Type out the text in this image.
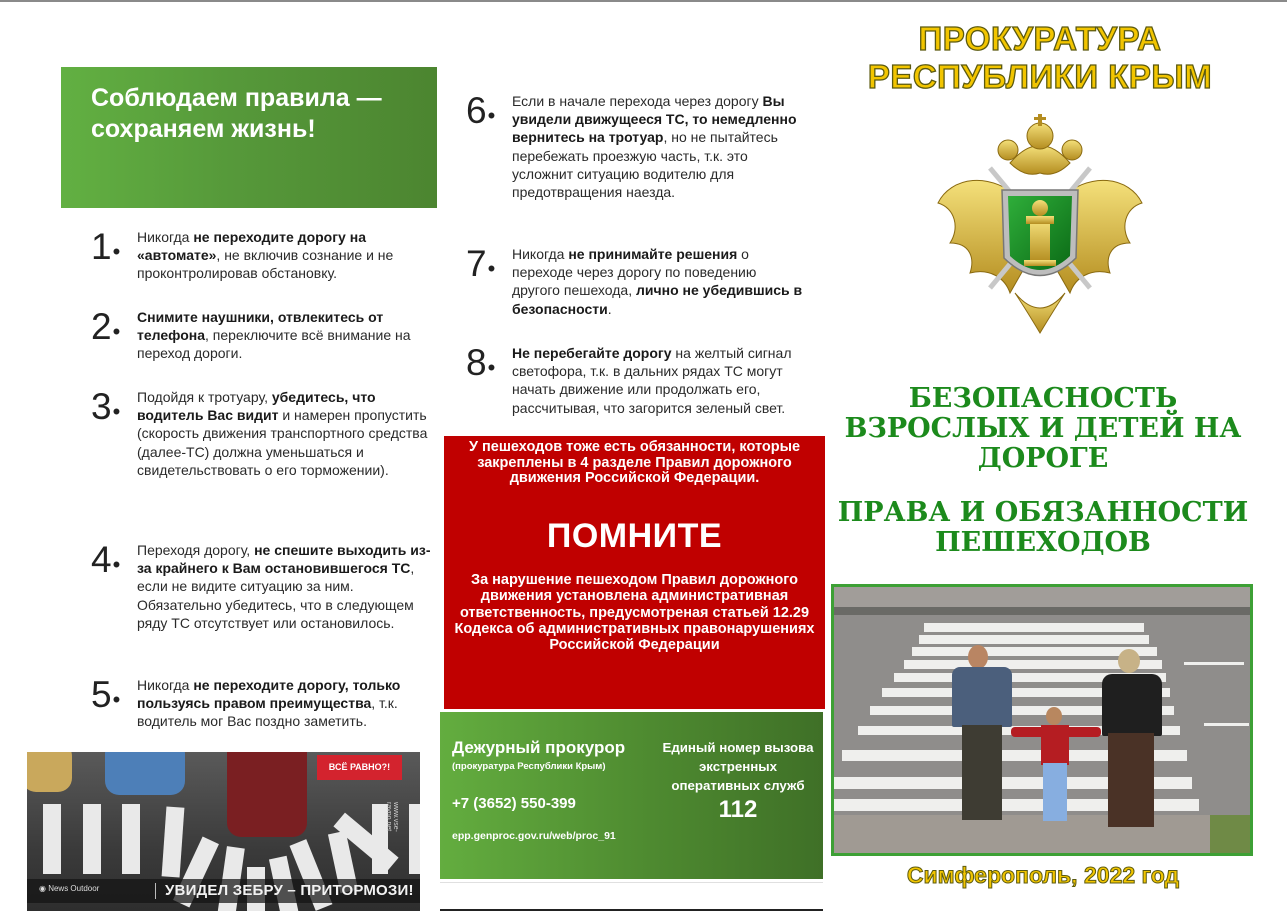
Соблюдаем правила — сохраняем жизнь!
1•
Никогда не переходите дорогу на «автомате», не включив сознание и не проконтролировав обстановку.
2•
Снимите наушники, отвлекитесь от телефона, переключите всё внимание на переход дороги.
3•
Подойдя к тротуару, убедитесь, что водитель Вас видит и намерен пропустить (скорость движения транспортного средства (далее-ТС) должна уменьшаться и свидетельствовать о его торможении).
4•
Переходя дорогу, не спешите выходить из-за крайнего к Вам остановившегося ТС, если не видите ситуацию за ним. Обязательно убедитесь, что в следующем ряду ТС отсутствует или остановилось.
5•
Никогда не переходите дорогу, только пользуясь правом преимущества, т.к. водитель мог Вас поздно заметить.
ВСЁ РАВНО?!
www.vse-ravno.net
◉ News Outdoor	УВИДЕЛ ЗЕБРУ – ПРИТОРМОЗИ!
6•
Если в начале перехода через дорогу Вы увидели движущееся ТС, то немедленно вернитесь на тротуар, но не пытайтесь перебежать проезжую часть, т.к. это усложнит ситуацию водителю для предотвращения наезда.
7•
Никогда не принимайте решения о переходе через дорогу по поведению другого пешехода, лично не убедившись в безопасности.
8•
Не перебегайте дорогу на желтый сигнал светофора, т.к. в дальних рядах ТС могут начать движение или продолжать его, рассчитывая, что загорится зеленый свет.
У пешеходов тоже есть обязанности, которые закреплены в 4 разделе Правил дорожного движения Российской Федерации.
ПОМНИТЕ
За нарушение пешеходом Правил дорожного движения установлена административная ответственность, предусмотреная статьей 12.29 Кодекса об административных правонарушениях Российской Федерации
Дежурный прокурор
(прокуратура Республики Крым)
+7 (3652) 550-399
epp.genproc.gov.ru/web/proc_91
Единый номер вызова экстренных оперативных служб
112
ПРОКУРАТУРА
РЕСПУБЛИКИ КРЫМ
БЕЗОПАСНОСТЬ ВЗРОСЛЫХ И ДЕТЕЙ НА ДОРОГЕ
ПРАВА И ОБЯЗАННОСТИ ПЕШЕХОДОВ
Симферополь, 2022 год
